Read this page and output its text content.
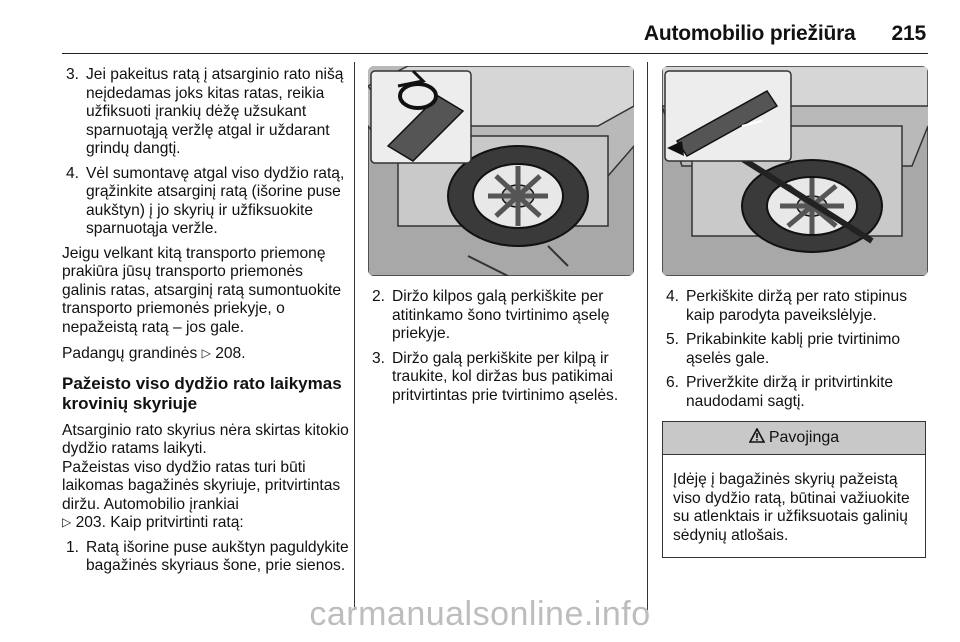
Automobilio priežiūra 215
3. Jei pakeitus ratą į atsarginio rato nišą neįdedamas joks kitas ratas, reikia užfiksuoti įrankių dėžę užsukant sparnuotąją veržlę atgal ir uždarant grindų dangtį.
4. Vėl sumontavę atgal viso dydžio ratą, grąžinkite atsarginį ratą (išorine puse aukštyn) į jo skyrių ir užfiksuokite sparnuotąja veržle.

Jeigu velkant kitą transporto priemonę prakiūra jūsų transporto priemonės galinis ratas, atsarginį ratą sumontuokite transporto priemonės priekyje, o nepažeistą ratą – jos gale.

Padangų grandinės ▷ 208.

Pažeisto viso dydžio rato laikymas krovinių skyriuje

Atsarginio rato skyrius nėra skirtas kitokio dydžio ratams laikyti.

Pažeistas viso dydžio ratas turi būti laikomas bagažinės skyriuje, pritvirtintas diržu. Automobilio įrankiai
▷ 203. Kaip pritvirtinti ratą:

1. Ratą išorine puse aukštyn paguldykite bagažinės skyriaus šone, prie sienos.
2. Diržo kilpos galą perkiškite per atitinkamo šono tvirtinimo ąselę priekyje.
3. Diržo galą perkiškite per kilpą ir traukite, kol diržas bus patikimai pritvirtintas prie tvirtinimo ąselės.
4. Perkiškite diržą per rato stipinus kaip parodyta paveikslėlyje.
5. Prikabinkite kablį prie tvirtinimo ąselės gale.
6. Priveržkite diržą ir pritvirtinkite naudodami sagtį.
Pavojinga
Įdėję į bagažinės skyrių pažeistą viso dydžio ratą, būtinai važiuokite su atlenktais ir užfiksuotais galinių sėdynių atlošais.
carmanualsonline.info
